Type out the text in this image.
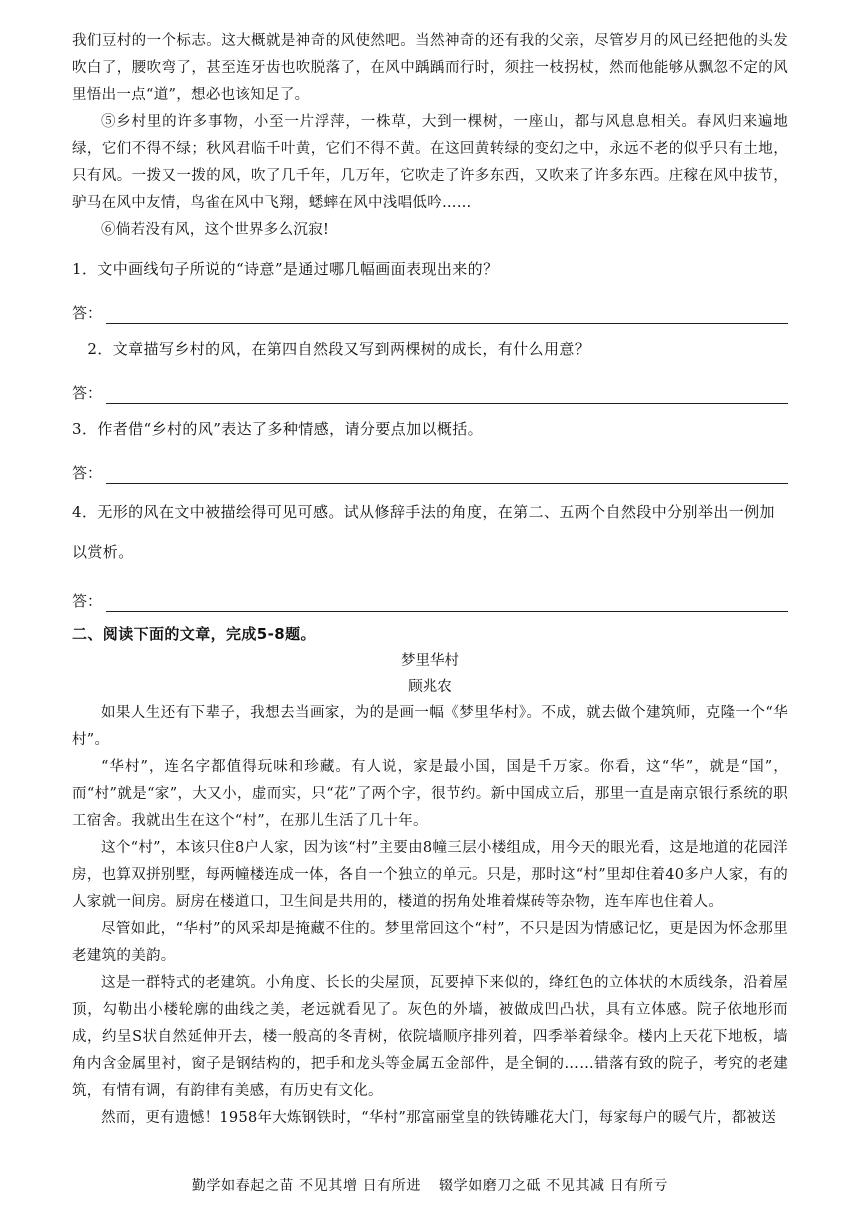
我们豆村的一个标志。这大概就是神奇的风使然吧。当然神奇的还有我的父亲，尽管岁月的风已经把他的头发吹白了，腰吹弯了，甚至连牙齿也吹脱落了，在风中踽踽而行时，须拄一枝拐杖，然而他能够从飘忽不定的风里悟出一点“道”，想必也该知足了。

⑤乡村里的许多事物，小至一片浮萍，一株草，大到一棵树，一座山，都与风息息相关。春风归来遍地绿，它们不得不绿；秋风君临千叶黄，它们不得不黄。在这回黄转绿的变幻之中，永远不老的似乎只有土地，只有风。一拨又一拨的风，吹了几千年，几万年，它吹走了许多东西，又吹来了许多东西。庄稼在风中拔节，驴马在风中友情，鸟雀在风中飞翔，蟋蟀在风中浅唱低吟……

⑥倘若没有风，这个世界多么沉寂!

1．文中画线句子所说的“诗意”是通过哪几幅画面表现出来的？

答：

　2．文章描写乡村的风，在第四自然段又写到两棵树的成长，有什么用意？

答：

3．作者借“乡村的风”表达了多种情感，请分要点加以概括。

答：

4．无形的风在文中被描绘得可见可感。试从修辞手法的角度，在第二、五两个自然段中分别举出一例加以赏析。

答：

二、阅读下面的文章，完成5-8题。

梦里华村

顾兆农

如果人生还有下辈子，我想去当画家，为的是画一幅《梦里华村》。不成，就去做个建筑师，克隆一个“华村”。

“华村”，连名字都值得玩味和珍藏。有人说，家是最小国，国是千万家。你看，这“华”，就是“国”，而“村”就是“家”，大又小，虚而实，只“花”了两个字，很节约。新中国成立后，那里一直是南京银行系统的职工宿舍。我就出生在这个“村”，在那儿生活了几十年。

这个“村”，本该只住8户人家，因为该“村”主要由8幢三层小楼组成，用今天的眼光看，这是地道的花园洋房，也算双拼别墅，每两幢楼连成一体，各自一个独立的单元。只是，那时这“村”里却住着40多户人家，有的人家就一间房。厨房在楼道口，卫生间是共用的，楼道的拐角处堆着煤砖等杂物，连车库也住着人。

尽管如此，“华村”的风采却是掩藏不住的。梦里常回这个“村”，不只是因为情感记忆，更是因为怀念那里老建筑的美韵。

这是一群特式的老建筑。小角度、长长的尖屋顶，瓦要掉下来似的，绛红色的立体状的木质线条，沿着屋顶，勾勒出小楼轮廓的曲线之美，老远就看见了。灰色的外墙，被做成凹凸状，具有立体感。院子依地形而成，约呈S状自然延伸开去，楼一般高的冬青树，依院墙顺序排列着，四季举着绿伞。楼内上天花下地板，墙角内含金属里衬，窗子是钢结构的，把手和龙头等金属五金部件，是全铜的……错落有致的院子，考究的老建筑，有情有调，有韵律有美感，有历史有文化。

然而，更有遗憾！1958年大炼钢铁时，“华村”那富丽堂皇的铁铸雕花大门，每家每户的暖气片，都被送

勤学如春起之苗 不见其增 日有所进 辍学如磨刀之砥 不见其减 日有所亏
